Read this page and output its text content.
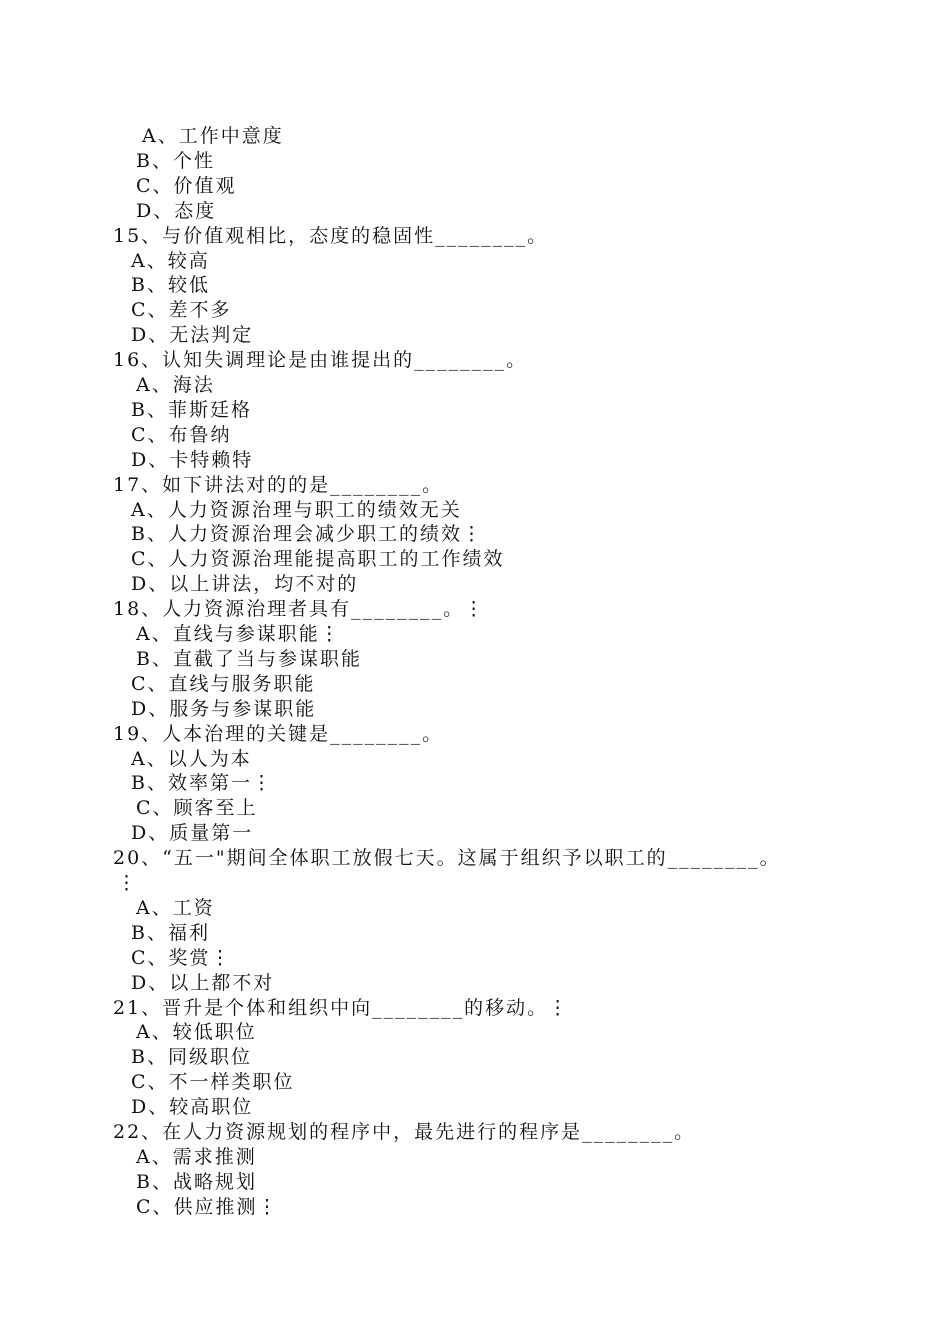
A、工作中意度
B、个性
C、价值观
D、态度
15、与价值观相比，态度的稳固性________。
A、较高
B、较低
C、差不多
D、无法判定
16、认知失调理论是由谁提出的________。
A、海法
B、菲斯廷格
C、布鲁纳
D、卡特赖特
17、如下讲法对的的是________。
A、人力资源治理与职工的绩效无关
B、人力资源治理会减少职工的绩效⋮
C、人力资源治理能提高职工的工作绩效
D、以上讲法，均不对的
18、人力资源治理者具有________。⋮
A、直线与参谋职能⋮
B、直截了当与参谋职能
C、直线与服务职能
D、服务与参谋职能
19、人本治理的关键是________。
A、以人为本
B、效率第一⋮
C、顾客至上
D、质量第一
20、“五一"期间全体职工放假七天。这属于组织予以职工的________。
⋮
A、工资
B、福利
C、奖赏⋮
D、以上都不对
21、晋升是个体和组织中向________的移动。⋮
A、较低职位
B、同级职位
C、不一样类职位
D、较高职位
22、在人力资源规划的程序中，最先进行的程序是________。
A、需求推测
B、战略规划
C、供应推测⋮
